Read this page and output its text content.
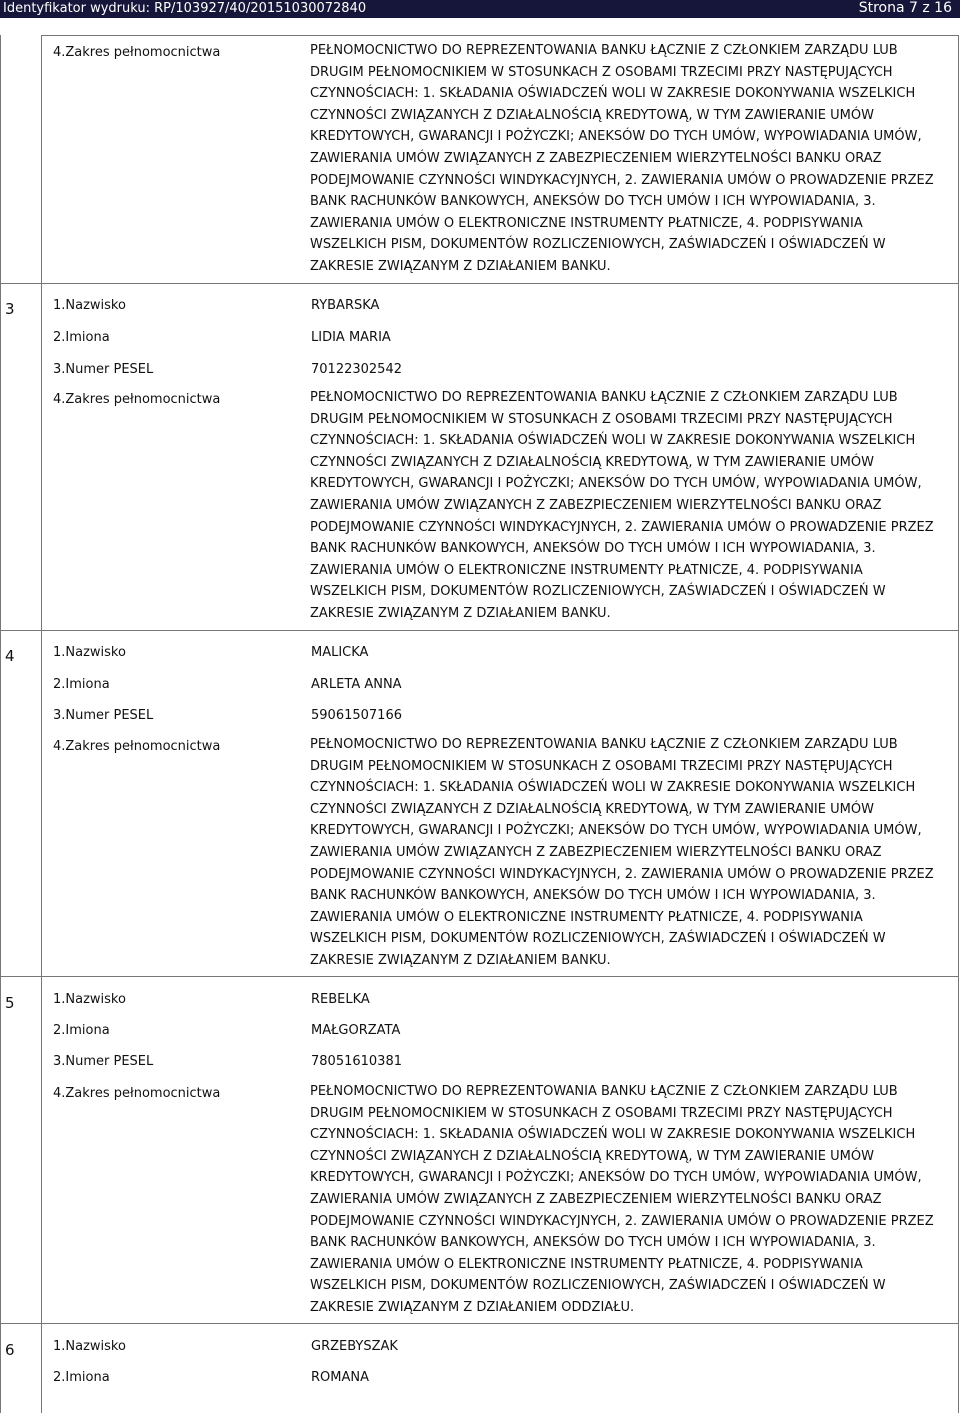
Identyfikator wydruku: RP/103927/40/20151030072840	Strona 7 z 16
4.Zakres pełnomocnictwa	PEŁNOMOCNICTWO DO REPREZENTOWANIA BANKU ŁĄCZNIE Z CZŁONKIEM ZARZĄDU LUB
DRUGIM PEŁNOMOCNIKIEM W STOSUNKACH Z OSOBAMI TRZECIMI PRZY NASTĘPUJĄCYCH
CZYNNOŚCIACH: 1. SKŁADANIA OŚWIADCZEŃ WOLI W ZAKRESIE DOKONYWANIA WSZELKICH
CZYNNOŚCI ZWIĄZANYCH Z DZIAŁALNOŚCIĄ KREDYTOWĄ, W TYM ZAWIERANIE UMÓW
KREDYTOWYCH, GWARANCJI I POŻYCZKI; ANEKSÓW DO TYCH UMÓW, WYPOWIADANIA UMÓW,
ZAWIERANIA UMÓW ZWIĄZANYCH Z ZABEZPIECZENIEM WIERZYTELNOŚCI BANKU ORAZ
PODEJMOWANIE CZYNNOŚCI WINDYKACYJNYCH, 2. ZAWIERANIA UMÓW O PROWADZENIE PRZEZ
BANK RACHUNKÓW BANKOWYCH, ANEKSÓW DO TYCH UMÓW I ICH WYPOWIADANIA, 3.
ZAWIERANIA UMÓW O ELEKTRONICZNE INSTRUMENTY PŁATNICZE, 4. PODPISYWANIA
WSZELKICH PISM, DOKUMENTÓW ROZLICZENIOWYCH, ZAŚWIADCZEŃ I OŚWIADCZEŃ W
ZAKRESIE ZWIĄZANYM Z DZIAŁANIEM BANKU.
3	1.Nazwisko	RYBARSKA
2.Imiona	LIDIA MARIA
3.Numer PESEL	70122302542
4.Zakres pełnomocnictwa	PEŁNOMOCNICTWO DO REPREZENTOWANIA BANKU ŁĄCZNIE Z CZŁONKIEM ZARZĄDU LUB
DRUGIM PEŁNOMOCNIKIEM W STOSUNKACH Z OSOBAMI TRZECIMI PRZY NASTĘPUJĄCYCH
CZYNNOŚCIACH: 1. SKŁADANIA OŚWIADCZEŃ WOLI W ZAKRESIE DOKONYWANIA WSZELKICH
CZYNNOŚCI ZWIĄZANYCH Z DZIAŁALNOŚCIĄ KREDYTOWĄ, W TYM ZAWIERANIE UMÓW
KREDYTOWYCH, GWARANCJI I POŻYCZKI; ANEKSÓW DO TYCH UMÓW, WYPOWIADANIA UMÓW,
ZAWIERANIA UMÓW ZWIĄZANYCH Z ZABEZPIECZENIEM WIERZYTELNOŚCI BANKU ORAZ
PODEJMOWANIE CZYNNOŚCI WINDYKACYJNYCH, 2. ZAWIERANIA UMÓW O PROWADZENIE PRZEZ
BANK RACHUNKÓW BANKOWYCH, ANEKSÓW DO TYCH UMÓW I ICH WYPOWIADANIA, 3.
ZAWIERANIA UMÓW O ELEKTRONICZNE INSTRUMENTY PŁATNICZE, 4. PODPISYWANIA
WSZELKICH PISM, DOKUMENTÓW ROZLICZENIOWYCH, ZAŚWIADCZEŃ I OŚWIADCZEŃ W
ZAKRESIE ZWIĄZANYM Z DZIAŁANIEM BANKU.
4	1.Nazwisko	MALICKA
2.Imiona	ARLETA ANNA
3.Numer PESEL	59061507166
4.Zakres pełnomocnictwa	PEŁNOMOCNICTWO DO REPREZENTOWANIA BANKU ŁĄCZNIE Z CZŁONKIEM ZARZĄDU LUB
DRUGIM PEŁNOMOCNIKIEM W STOSUNKACH Z OSOBAMI TRZECIMI PRZY NASTĘPUJĄCYCH
CZYNNOŚCIACH: 1. SKŁADANIA OŚWIADCZEŃ WOLI W ZAKRESIE DOKONYWANIA WSZELKICH
CZYNNOŚCI ZWIĄZANYCH Z DZIAŁALNOŚCIĄ KREDYTOWĄ, W TYM ZAWIERANIE UMÓW
KREDYTOWYCH, GWARANCJI I POŻYCZKI; ANEKSÓW DO TYCH UMÓW, WYPOWIADANIA UMÓW,
ZAWIERANIA UMÓW ZWIĄZANYCH Z ZABEZPIECZENIEM WIERZYTELNOŚCI BANKU ORAZ
PODEJMOWANIE CZYNNOŚCI WINDYKACYJNYCH, 2. ZAWIERANIA UMÓW O PROWADZENIE PRZEZ
BANK RACHUNKÓW BANKOWYCH, ANEKSÓW DO TYCH UMÓW I ICH WYPOWIADANIA, 3.
ZAWIERANIA UMÓW O ELEKTRONICZNE INSTRUMENTY PŁATNICZE, 4. PODPISYWANIA
WSZELKICH PISM, DOKUMENTÓW ROZLICZENIOWYCH, ZAŚWIADCZEŃ I OŚWIADCZEŃ W
ZAKRESIE ZWIĄZANYM Z DZIAŁANIEM BANKU.
5	1.Nazwisko	REBELKA
2.Imiona	MAŁGORZATA
3.Numer PESEL	78051610381
4.Zakres pełnomocnictwa	PEŁNOMOCNICTWO DO REPREZENTOWANIA BANKU ŁĄCZNIE Z CZŁONKIEM ZARZĄDU LUB
DRUGIM PEŁNOMOCNIKIEM W STOSUNKACH Z OSOBAMI TRZECIMI PRZY NASTĘPUJĄCYCH
CZYNNOŚCIACH: 1. SKŁADANIA OŚWIADCZEŃ WOLI W ZAKRESIE DOKONYWANIA WSZELKICH
CZYNNOŚCI ZWIĄZANYCH Z DZIAŁALNOŚCIĄ KREDYTOWĄ, W TYM ZAWIERANIE UMÓW
KREDYTOWYCH, GWARANCJI I POŻYCZKI; ANEKSÓW DO TYCH UMÓW, WYPOWIADANIA UMÓW,
ZAWIERANIA UMÓW ZWIĄZANYCH Z ZABEZPIECZENIEM WIERZYTELNOŚCI BANKU ORAZ
PODEJMOWANIE CZYNNOŚCI WINDYKACYJNYCH, 2. ZAWIERANIA UMÓW O PROWADZENIE PRZEZ
BANK RACHUNKÓW BANKOWYCH, ANEKSÓW DO TYCH UMÓW I ICH WYPOWIADANIA, 3.
ZAWIERANIA UMÓW O ELEKTRONICZNE INSTRUMENTY PŁATNICZE, 4. PODPISYWANIA
WSZELKICH PISM, DOKUMENTÓW ROZLICZENIOWYCH, ZAŚWIADCZEŃ I OŚWIADCZEŃ W
ZAKRESIE ZWIĄZANYM Z DZIAŁANIEM ODDZIAŁU.
6	1.Nazwisko	GRZEBYSZAK
2.Imiona	ROMANA
